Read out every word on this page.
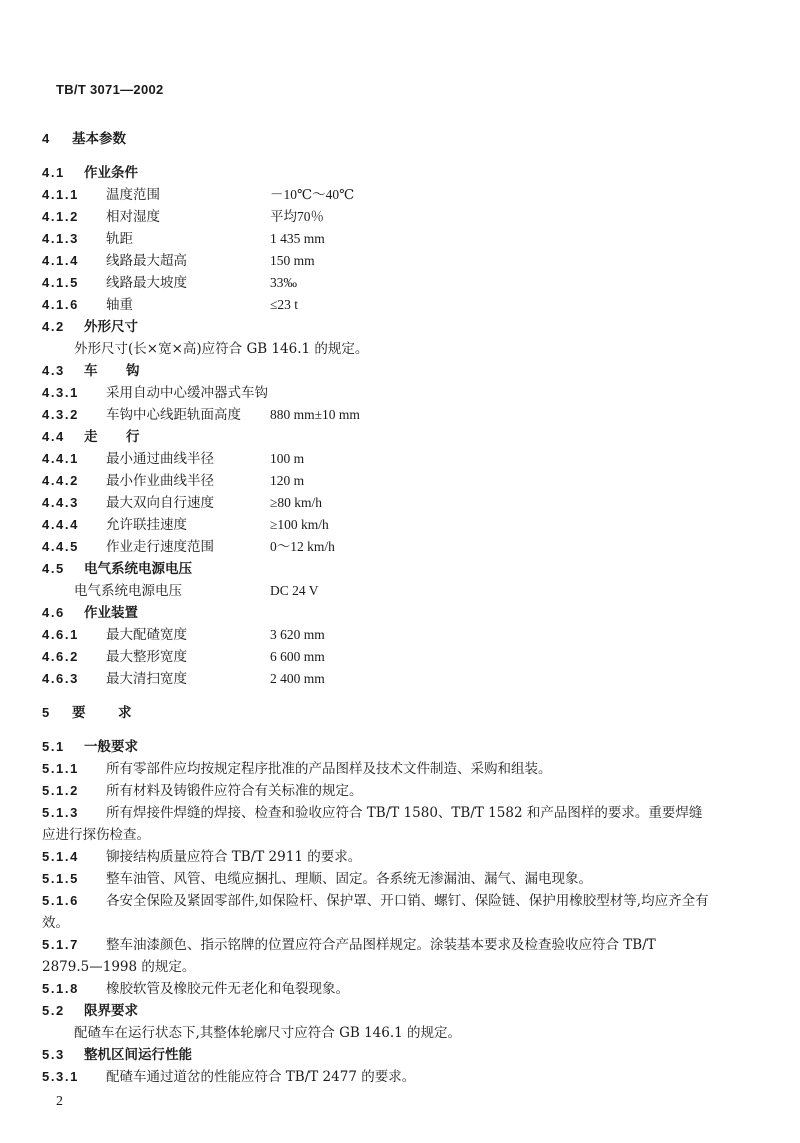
TB/T 3071—2002
4 基本参数
4.1 作业条件
4.1.1 温度范围	－10℃～40℃
4.1.2 相对湿度	平均70％
4.1.3 轨距	1 435 mm
4.1.4 线路最大超高	150 mm
4.1.5 线路最大坡度	33‰
4.1.6 轴重	≤23 t
4.2 外形尺寸
外形尺寸(长×宽×高)应符合 GB 146.1 的规定。
4.3 车 钩
4.3.1 采用自动中心缓冲器式车钩
4.3.2 车钩中心线距轨面高度 880 mm±10 mm
4.4 走 行
4.4.1 最小通过曲线半径	100 m
4.4.2 最小作业曲线半径	120 m
4.4.3 最大双向自行速度	≥80 km/h
4.4.4 允许联挂速度	≥100 km/h
4.4.5 作业走行速度范围	0～12 km/h
4.5 电气系统电源电压
电气系统电源电压	DC 24 V
4.6 作业装置
4.6.1 最大配碴宽度	3 620 mm
4.6.2 最大整形宽度	6 600 mm
4.6.3 最大清扫宽度	2 400 mm
5 要 求
5.1 一般要求
5.1.1 所有零部件应均按规定程序批准的产品图样及技术文件制造、采购和组装。
5.1.2 所有材料及铸锻件应符合有关标准的规定。
5.1.3 所有焊接件焊缝的焊接、检查和验收应符合 TB/T 1580、TB/T 1582 和产品图样的要求。重要焊缝
应进行探伤检查。
5.1.4 铆接结构质量应符合 TB/T 2911 的要求。
5.1.5 整车油管、风管、电缆应捆扎、理顺、固定。各系统无渗漏油、漏气、漏电现象。
5.1.6 各安全保险及紧固零部件,如保险杆、保护罩、开口销、螺钉、保险链、保护用橡胶型材等,均应齐全有
效。
5.1.7 整车油漆颜色、指示铭牌的位置应符合产品图样规定。涂装基本要求及检查验收应符合 TB/T
2879.5—1998 的规定。
5.1.8 橡胶软管及橡胶元件无老化和龟裂现象。
5.2 限界要求
配碴车在运行状态下,其整体轮廓尺寸应符合 GB 146.1 的规定。
5.3 整机区间运行性能
5.3.1 配碴车通过道岔的性能应符合 TB/T 2477 的要求。
2
